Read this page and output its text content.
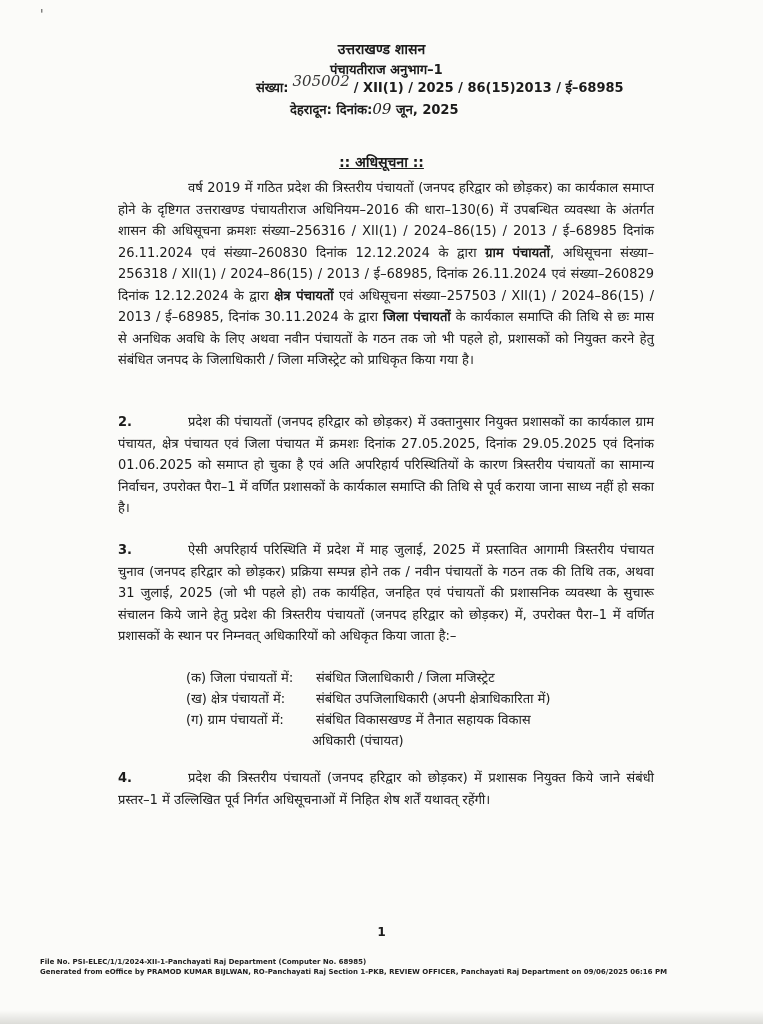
'
उत्तराखण्ड शासन
पंचायतीराज अनुभाग–1
संख्या: 305002 / XII(1) / 2025 / 86(15)2013 / ई–68985
देहरादून: दिनांक:09 जून, 2025
:: अधिसूचना ::
वर्ष 2019 में गठित प्रदेश की त्रिस्तरीय पंचायतों (जनपद हरिद्वार को छोड़कर) का कार्यकाल समाप्त होने के दृष्टिगत उत्तराखण्ड पंचायतीराज अधिनियम–2016 की धारा–130(6) में उपबन्धित व्यवस्था के अंतर्गत शासन की अधिसूचना क्रमशः संख्या–256316 / XII(1) / 2024–86(15) / 2013 / ई–68985 दिनांक 26.11.2024 एवं संख्या–260830 दिनांक 12.12.2024 के द्वारा ग्राम पंचायतों, अधिसूचना संख्या–256318 / XII(1) / 2024–86(15) / 2013 / ई–68985, दिनांक 26.11.2024 एवं संख्या–260829 दिनांक 12.12.2024 के द्वारा क्षेत्र पंचायतों एवं अधिसूचना संख्या–257503 / XII(1) / 2024–86(15) / 2013 / ई–68985, दिनांक 30.11.2024 के द्वारा जिला पंचायतों के कार्यकाल समाप्ति की तिथि से छः मास से अनधिक अवधि के लिए अथवा नवीन पंचायतों के गठन तक जो भी पहले हो, प्रशासकों को नियुक्त करने हेतु संबंधित जनपद के जिलाधिकारी / जिला मजिस्ट्रेट को प्राधिकृत किया गया है।
2.	प्रदेश की पंचायतों (जनपद हरिद्वार को छोड़कर) में उक्तानुसार नियुक्त प्रशासकों का कार्यकाल ग्राम पंचायत, क्षेत्र पंचायत एवं जिला पंचायत में क्रमशः दिनांक 27.05.2025, दिनांक 29.05.2025 एवं दिनांक 01.06.2025 को समाप्त हो चुका है एवं अति अपरिहार्य परिस्थितियों के कारण त्रिस्तरीय पंचायतों का सामान्य निर्वाचन, उपरोक्त पैरा–1 में वर्णित प्रशासकों के कार्यकाल समाप्ति की तिथि से पूर्व कराया जाना साध्य नहीं हो सका है।
3.	ऐसी अपरिहार्य परिस्थिति में प्रदेश में माह जुलाई, 2025 में प्रस्तावित आगामी त्रिस्तरीय पंचायत चुनाव (जनपद हरिद्वार को छोड़कर) प्रक्रिया सम्पन्न होने तक / नवीन पंचायतों के गठन तक की तिथि तक, अथवा 31 जुलाई, 2025 (जो भी पहले हो) तक कार्यहित, जनहित एवं पंचायतों की प्रशासनिक व्यवस्था के सुचारू संचालन किये जाने हेतु प्रदेश की त्रिस्तरीय पंचायतों (जनपद हरिद्वार को छोड़कर) में, उपरोक्त पैरा–1 में वर्णित प्रशासकों के स्थान पर निम्नवत् अधिकारियों को अधिकृत किया जाता है:–
(क) जिला पंचायतों में: संबंधित जिलाधिकारी / जिला मजिस्ट्रेट
(ख) क्षेत्र पंचायतों में: संबंधित उपजिलाधिकारी (अपनी क्षेत्राधिकारिता में)
(ग) ग्राम पंचायतों में: संबंधित विकासखण्ड में तैनात सहायक विकास
अधिकारी (पंचायत)
4.	प्रदेश की त्रिस्तरीय पंचायतों (जनपद हरिद्वार को छोड़कर) में प्रशासक नियुक्त किये जाने संबंधी प्रस्तर–1 में उल्लिखित पूर्व निर्गत अधिसूचनाओं में निहित शेष शर्तें यथावत् रहेंगी।
1
File No. PSI-ELEC/1/1/2024-XII-1-Panchayati Raj Department (Computer No. 68985)
Generated from eOffice by PRAMOD KUMAR BIJLWAN, RO-Panchayati Raj Section 1-PKB, REVIEW OFFICER, Panchayati Raj Department on 09/06/2025 06:16 PM
